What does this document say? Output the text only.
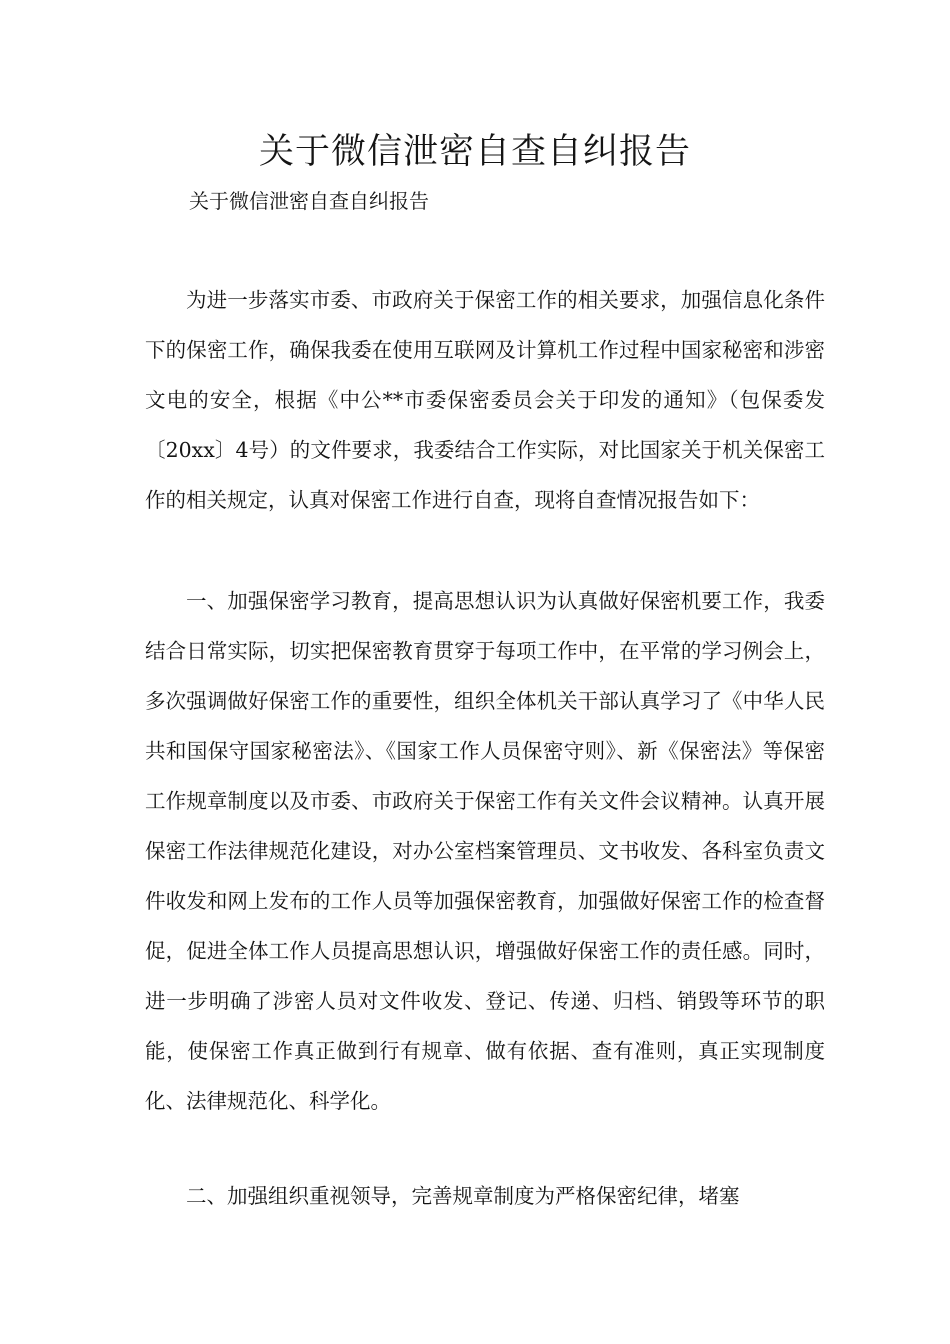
关于微信泄密自查自纠报告

关于微信泄密自查自纠报告

为进一步落实市委、市政府关于保密工作的相关要求，加强信息化条件下的保密工作，确保我委在使用互联网及计算机工作过程中国家秘密和涉密文电的安全，根据《中公**市委保密委员会关于印发的通知》（包保委发〔20xx〕4号）的文件要求，我委结合工作实际，对比国家关于机关保密工作的相关规定，认真对保密工作进行自查，现将自查情况报告如下：

一、加强保密学习教育，提高思想认识为认真做好保密机要工作，我委结合日常实际，切实把保密教育贯穿于每项工作中，在平常的学习例会上，多次强调做好保密工作的重要性，组织全体机关干部认真学习了《中华人民共和国保守国家秘密法》、《国家工作人员保密守则》、新《保密法》等保密工作规章制度以及市委、市政府关于保密工作有关文件会议精神。认真开展保密工作法律规范化建设，对办公室档案管理员、文书收发、各科室负责文件收发和网上发布的工作人员等加强保密教育，加强做好保密工作的检查督促，促进全体工作人员提高思想认识，增强做好保密工作的责任感。同时，进一步明确了涉密人员对文件收发、登记、传递、归档、销毁等环节的职能，使保密工作真正做到行有规章、做有依据、查有准则，真正实现制度化、法律规范化、科学化。

二、加强组织重视领导，完善规章制度为严格保密纪律，堵塞
